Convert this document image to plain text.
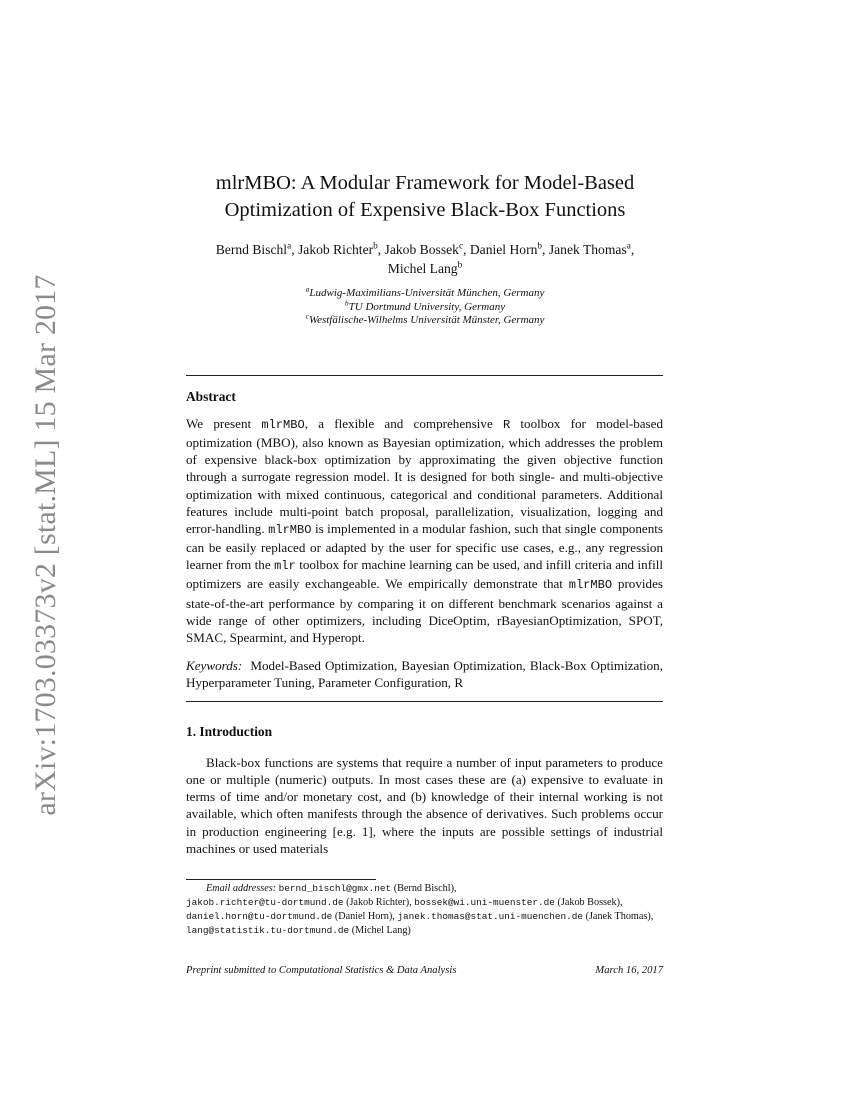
arXiv:1703.03373v2 [stat.ML] 15 Mar 2017
mlrMBO: A Modular Framework for Model-Based
Optimization of Expensive Black-Box Functions
Bernd Bischl$^a$, Jakob Richter$^b$, Jakob Bossek$^c$, Daniel Horn$^b$, Janek Thomas$^a$,
Michel Lang$^b$
$^a$Ludwig-Maximilians-Universität München, Germany
$^b$TU Dortmund University, Germany
$^c$Westfälische-Wilhelms Universität Münster, Germany
Abstract
We present mlrMBO, a flexible and comprehensive R toolbox for model-based optimization (MBO), also known as Bayesian optimization, which addresses the problem of expensive black-box optimization by approximating the given objective function through a surrogate regression model. It is designed for both single- and multi-objective optimization with mixed continuous, categorical and conditional parameters. Additional features include multi-point batch proposal, parallelization, visualization, logging and error-handling. mlrMBO is implemented in a modular fashion, such that single components can be easily replaced or adapted by the user for specific use cases, e.g., any regression learner from the mlr toolbox for machine learning can be used, and infill criteria and infill optimizers are easily exchangeable. We empirically demonstrate that mlrMBO provides state-of-the-art performance by comparing it on different benchmark scenarios against a wide range of other optimizers, including DiceOptim, rBayesianOptimization, SPOT, SMAC, Spearmint, and Hyperopt.
Keywords: Model-Based Optimization, Bayesian Optimization, Black-Box Optimization, Hyperparameter Tuning, Parameter Configuration, R
1. Introduction
Black-box functions are systems that require a number of input parameters to produce one or multiple (numeric) outputs. In most cases these are (a) expensive to evaluate in terms of time and/or monetary cost, and (b) knowledge of their internal working is not available, which often manifests through the absence of derivatives. Such problems occur in production engineering [e.g. 1], where the inputs are possible settings of industrial machines or used materials
Email addresses: bernd_bischl@gmx.net (Bernd Bischl),
jakob.richter@tu-dortmund.de (Jakob Richter), bossek@wi.uni-muenster.de (Jakob Bossek), daniel.horn@tu-dortmund.de (Daniel Horn), janek.thomas@stat.uni-muenchen.de (Janek Thomas), lang@statistik.tu-dortmund.de (Michel Lang)
Preprint submitted to Computational Statistics & Data Analysis	March 16, 2017
